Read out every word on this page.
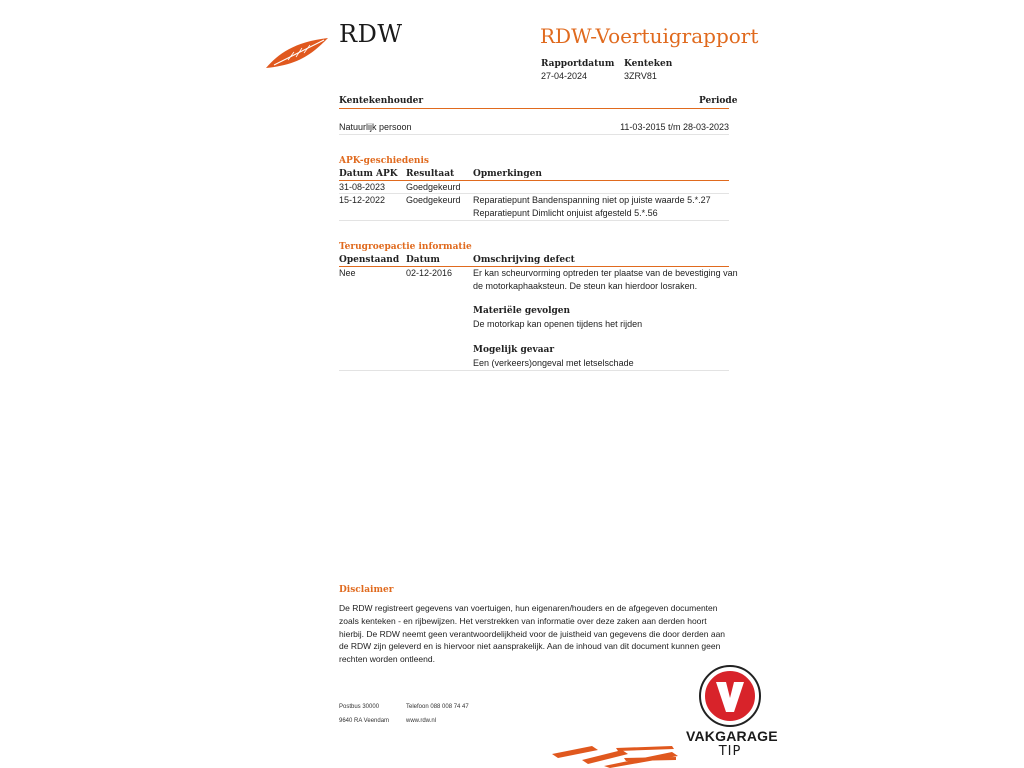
RDW	RDW-Voertuigrapport
Rapportdatum
27-04-2024
Kenteken
3ZRV81
Kentekenhouder	Periode
Natuurlijk persoon	11-03-2015 t/m 28-03-2023
APK-geschiedenis
Datum APK Resultaat Opmerkingen
31-08-2023 Goedgekeurd
15-12-2022 Goedgekeurd Reparatiepunt Bandenspanning niet op juiste waarde 5.*.27
Reparatiepunt Dimlicht onjuist afgesteld 5.*.56
Terugroepactie informatie
Openstaand Datum	Omschrijving defect
Nee	02-12-2016 Er kan scheurvorming optreden ter plaatse van de bevestiging van
de motorkaphaaksteun. De steun kan hierdoor losraken.
Materiële gevolgen
De motorkap kan openen tijdens het rijden
Mogelijk gevaar
Een (verkeers)ongeval met letselschade
Disclaimer
De RDW registreert gegevens van voertuigen, hun eigenaren/houders en de afgegeven documenten zoals kenteken - en rijbewijzen. Het verstrekken van informatie over deze zaken aan derden hoort hierbij. De RDW neemt geen verantwoordelijkheid voor de juistheid van gegevens die door derden aan de RDW zijn geleverd en is hiervoor niet aansprakelijk. Aan de inhoud van dit document kunnen geen rechten worden ontleend.
Postbus 30000
9640 RA Veendam
Telefoon 088 008 74 47
www.rdw.nl
VAKGARAGE
TIP
